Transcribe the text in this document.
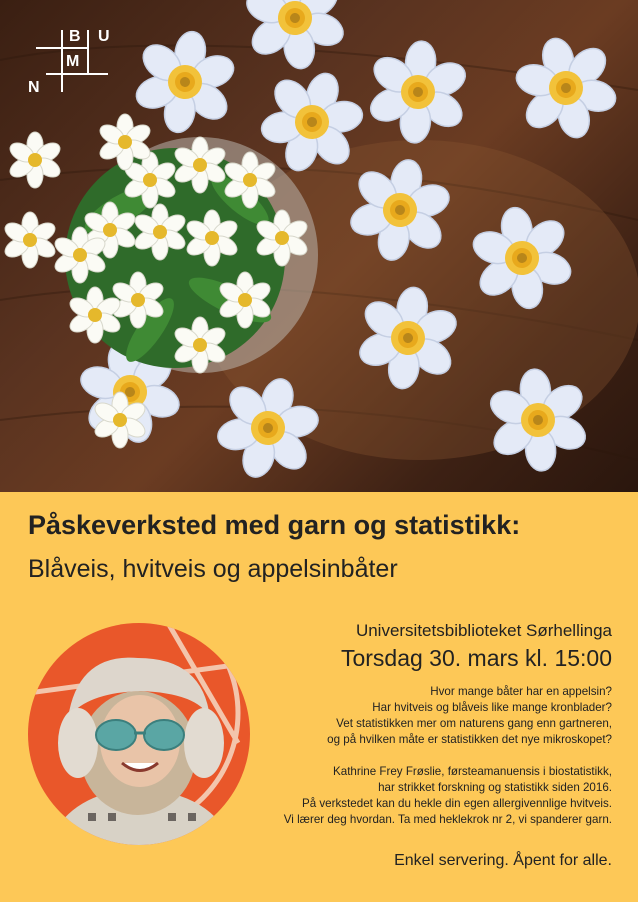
N
B
M
U
Påskeverksted med garn og statistikk:
Blåveis, hvitveis og appelsinbåter
Universitetsbiblioteket Sørhellinga
Torsdag 30. mars kl. 15:00
Hvor mange båter har en appelsin?
Har hvitveis og blåveis like mange kronblader?
Vet statistikken mer om naturens gang enn gartneren,
og på hvilken måte er statistikken det nye mikroskopet?
Kathrine Frey Frøslie, førsteamanuensis i biostatistikk,
har strikket forskning og statistikk siden 2016.
På verkstedet kan du hekle din egen allergivennlige hvitveis.
Vi lærer deg hvordan. Ta med heklekrok nr 2, vi spanderer garn.
Enkel servering. Åpent for alle.
